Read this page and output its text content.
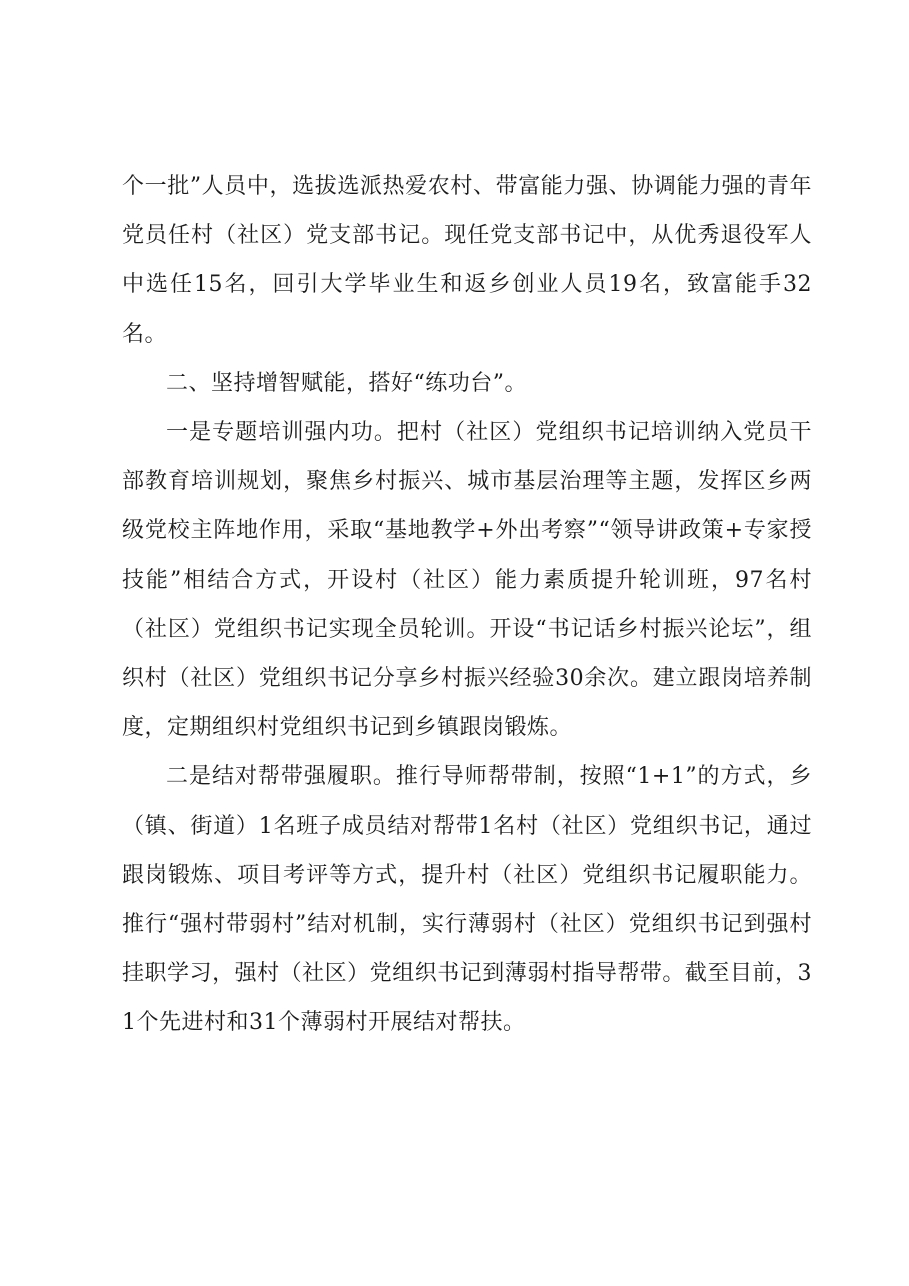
个一批”人员中，选拔选派热爱农村、带富能力强、协调能力强的青年党员任村（社区）党支部书记。现任党支部书记中，从优秀退役军人中选任15名，回引大学毕业生和返乡创业人员19名，致富能手32名。

二、坚持增智赋能，搭好“练功台”。

一是专题培训强内功。把村（社区）党组织书记培训纳入党员干部教育培训规划，聚焦乡村振兴、城市基层治理等主题，发挥区乡两级党校主阵地作用，采取“基地教学+外出考察”“领导讲政策+专家授技能”相结合方式，开设村（社区）能力素质提升轮训班，97名村（社区）党组织书记实现全员轮训。开设“书记话乡村振兴论坛”，组织村（社区）党组织书记分享乡村振兴经验30余次。建立跟岗培养制度，定期组织村党组织书记到乡镇跟岗锻炼。

二是结对帮带强履职。推行导师帮带制，按照“1+1”的方式，乡（镇、街道）1名班子成员结对帮带1名村（社区）党组织书记，通过跟岗锻炼、项目考评等方式，提升村（社区）党组织书记履职能力。推行“强村带弱村”结对机制，实行薄弱村（社区）党组织书记到强村挂职学习，强村（社区）党组织书记到薄弱村指导帮带。截至目前，31个先进村和31个薄弱村开展结对帮扶。
